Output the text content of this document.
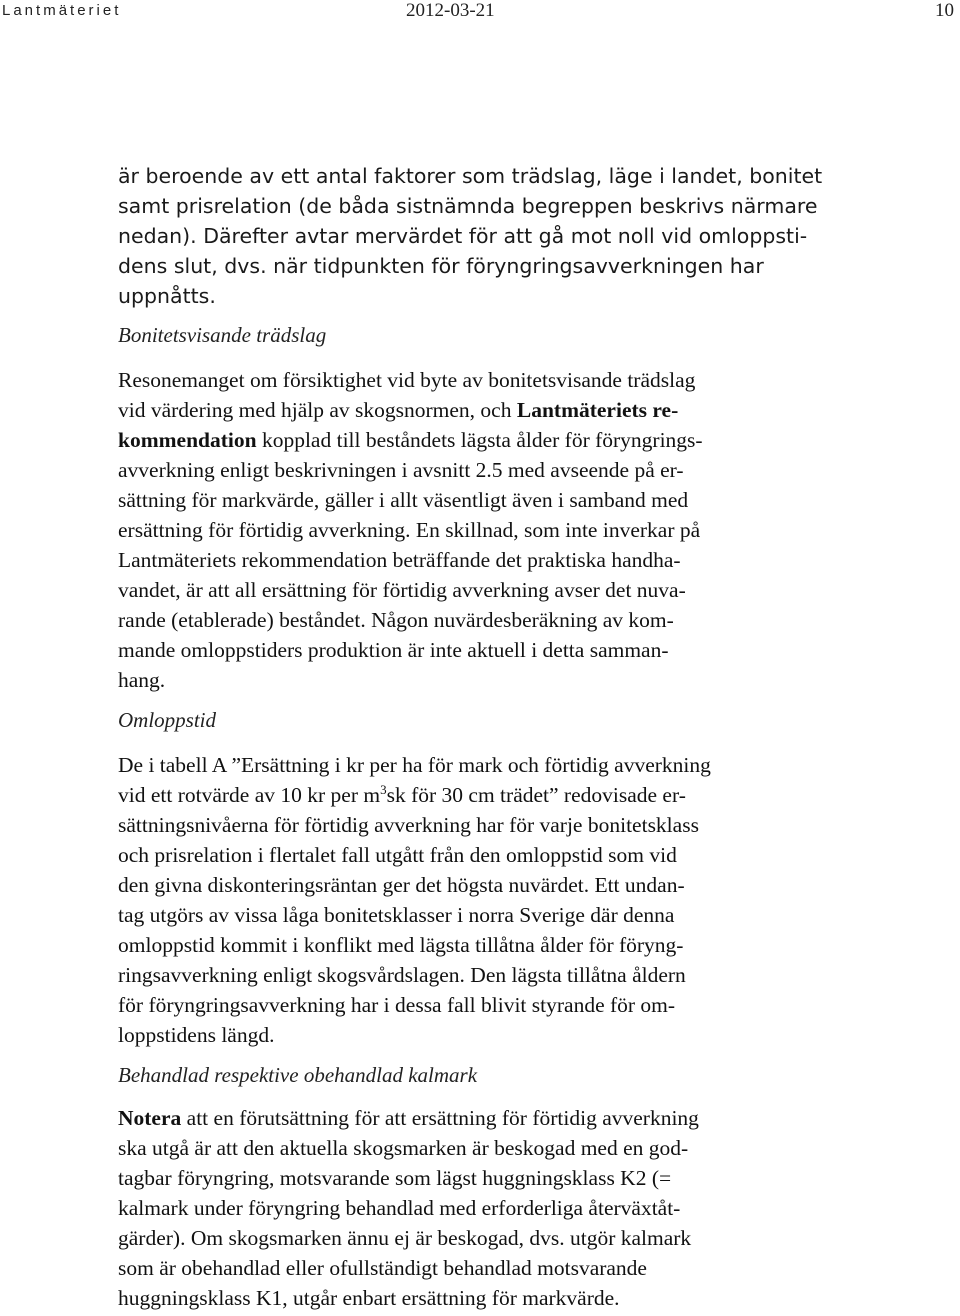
Lantmäteriet	2012-03-21	10
är beroende av ett antal faktorer som trädslag, läge i landet, bonitet
samt prisrelation (de båda sistnämnda begreppen beskrivs närmare
nedan). Därefter avtar mervärdet för att gå mot noll vid omloppsti-
dens slut, dvs. när tidpunkten för föryngringsavverkningen har
uppnåtts.
Bonitetsvisande trädslag
Resonemanget om försiktighet vid byte av bonitetsvisande trädslag
vid värdering med hjälp av skogsnormen, och Lantmäteriets re-
kommendation kopplad till beståndets lägsta ålder för föryngrings-
avverkning enligt beskrivningen i avsnitt 2.5 med avseende på er-
sättning för markvärde, gäller i allt väsentligt även i samband med
ersättning för förtidig avverkning. En skillnad, som inte inverkar på
Lantmäteriets rekommendation beträffande det praktiska handha-
vandet, är att all ersättning för förtidig avverkning avser det nuva-
rande (etablerade) beståndet. Någon nuvärdesberäkning av kom-
mande omloppstiders produktion är inte aktuell i detta samman-
hang.
Omloppstid
De i tabell A ”Ersättning i kr per ha för mark och förtidig avverkning
vid ett rotvärde av 10 kr per $m^3sk$ för 30 cm trädet” redovisade er-
sättningsnivåerna för förtidig avverkning har för varje bonitetsklass
och prisrelation i flertalet fall utgått från den omloppstid som vid
den givna diskonteringsräntan ger det högsta nuvärdet. Ett undan-
tag utgörs av vissa låga bonitetsklasser i norra Sverige där denna
omloppstid kommit i konflikt med lägsta tillåtna ålder för föryng-
ringsavverkning enligt skogsvårdslagen. Den lägsta tillåtna åldern
för föryngringsavverkning har i dessa fall blivit styrande för om-
loppstidens längd.
Behandlad respektive obehandlad kalmark
Notera att en förutsättning för att ersättning för förtidig avverkning
ska utgå är att den aktuella skogsmarken är beskogad med en god-
tagbar föryngring, motsvarande som lägst huggningsklass K2 (=
kalmark under föryngring behandlad med erforderliga återväxtåt-
gärder). Om skogsmarken ännu ej är beskogad, dvs. utgör kalmark
som är obehandlad eller ofullständigt behandlad motsvarande
huggningsklass K1, utgår enbart ersättning för markvärde.
